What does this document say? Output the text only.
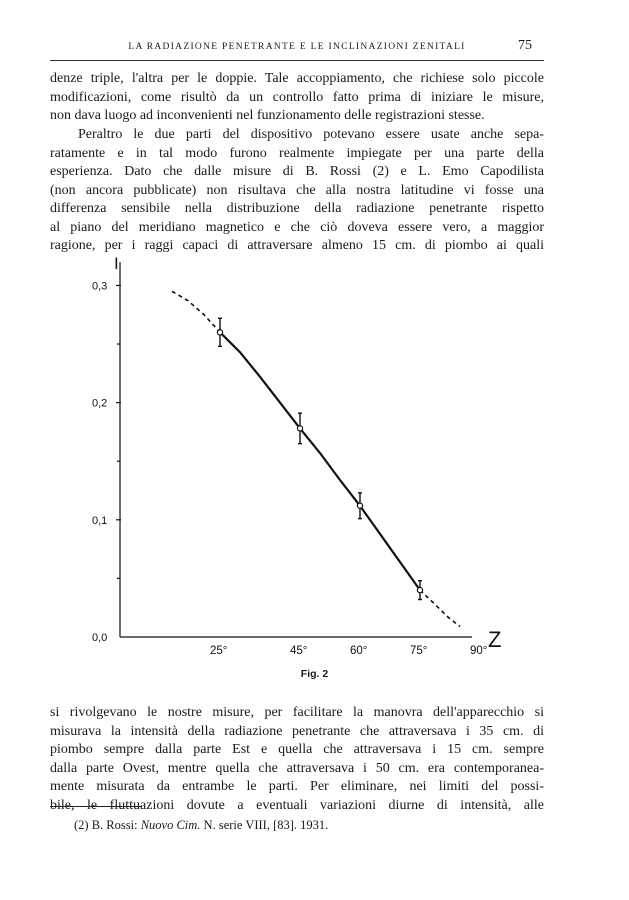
LA RADIAZIONE PENETRANTE E LE INCLINAZIONI ZENITALI	75

denze triple, l'altra per le doppie. Tale accoppiamento, che richiese solo piccole
modificazioni, come risultò da un controllo fatto prima di iniziare le misure,
non dava luogo ad inconvenienti nel funzionamento delle registrazioni stesse.

Peraltro le due parti del dispositivo potevano essere usate anche sepa-
ratamente e in tal modo furono realmente impiegate per una parte della
esperienza. Dato che dalle misure di B. Rossi (2) e L. Emo Capodilista
(non ancora pubblicate) non risultava che alla nostra latitudine vi fosse una
differenza sensibile nella distribuzione della radiazione penetrante rispetto
al piano del meridiano magnetico e che ciò doveva essere vero, a maggior
ragione, per i raggi capaci di attraversare almeno 15 cm. di piombo ai quali

I
Z
0,0
0,1
0,2
0,3
25°	45°	60°	75°	90°
Fig. 2

si rivolgevano le nostre misure, per facilitare la manovra dell'apparecchio si
misurava la intensità della radiazione penetrante che attraversava i 35 cm. di
piombo sempre dalla parte Est e quella che attraversava i 15 cm. sempre
dalla parte Ovest, mentre quella che attraversava i 50 cm. era contemporanea-
mente misurata da entrambe le parti. Per eliminare, nei limiti del possi-
bile, le fluttuazioni dovute a eventuali variazioni diurne di intensità, alle

(2) B. Rossi: Nuovo Cim. N. serie VIII, [83]. 1931.
